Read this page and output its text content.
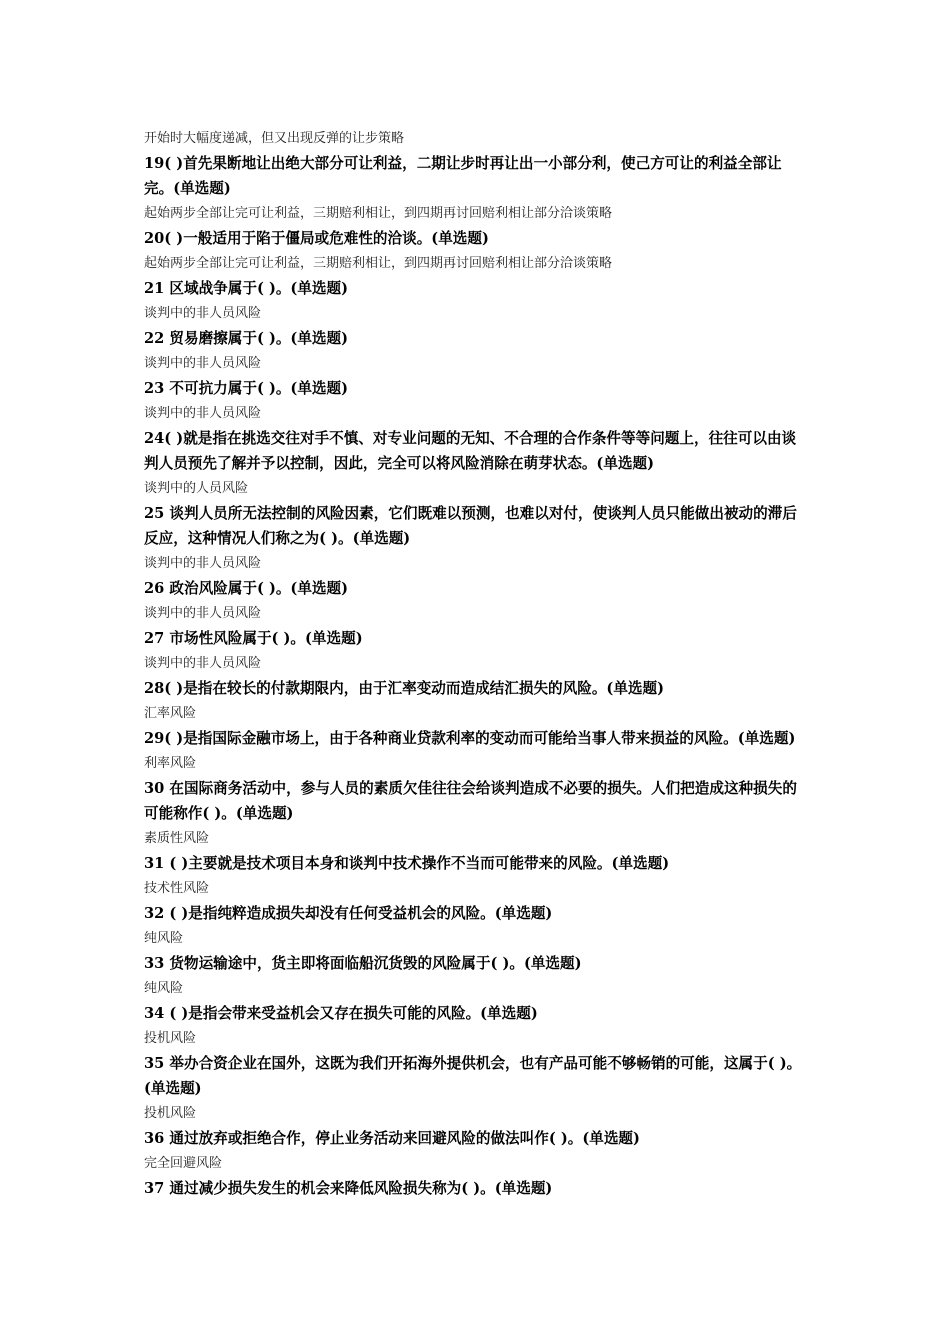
开始时大幅度递减，但又出现反弹的让步策略
19( )首先果断地让出绝大部分可让利益，二期让步时再让出一小部分利，使己方可让的利益全部让完。(单选题)
起始两步全部让完可让利益，三期赔利相让，到四期再讨回赔利相让部分洽谈策略
20( )一般适用于陷于僵局或危难性的洽谈。(单选题)
起始两步全部让完可让利益，三期赔利相让，到四期再讨回赔利相让部分洽谈策略
21 区域战争属于( )。(单选题)
谈判中的非人员风险
22 贸易磨擦属于( )。(单选题)
谈判中的非人员风险
23 不可抗力属于( )。(单选题)
谈判中的非人员风险
24( )就是指在挑选交往对手不慎、对专业问题的无知、不合理的合作条件等等问题上，往往可以由谈判人员预先了解并予以控制，因此，完全可以将风险消除在萌芽状态。(单选题)
谈判中的人员风险
25 谈判人员所无法控制的风险因素，它们既难以预测，也难以对付，使谈判人员只能做出被动的滞后反应，这种情况人们称之为( )。(单选题)
谈判中的非人员风险
26 政治风险属于( )。(单选题)
谈判中的非人员风险
27 市场性风险属于( )。(单选题)
谈判中的非人员风险
28( )是指在较长的付款期限内，由于汇率变动而造成结汇损失的风险。(单选题)
汇率风险
29( )是指国际金融市场上，由于各种商业贷款利率的变动而可能给当事人带来损益的风险。(单选题)
利率风险
30 在国际商务活动中，参与人员的素质欠佳往往会给谈判造成不必要的损失。人们把造成这种损失的可能称作( )。(单选题)
素质性风险
31 ( )主要就是技术项目本身和谈判中技术操作不当而可能带来的风险。(单选题)
技术性风险
32 ( )是指纯粹造成损失却没有任何受益机会的风险。(单选题)
纯风险
33 货物运输途中，货主即将面临船沉货毁的风险属于( )。(单选题)
纯风险
34 ( )是指会带来受益机会又存在损失可能的风险。(单选题)
投机风险
35 举办合资企业在国外，这既为我们开拓海外提供机会，也有产品可能不够畅销的可能，这属于( )。(单选题)
投机风险
36 通过放弃或拒绝合作，停止业务活动来回避风险的做法叫作( )。(单选题)
完全回避风险
37 通过减少损失发生的机会来降低风险损失称为( )。(单选题)
